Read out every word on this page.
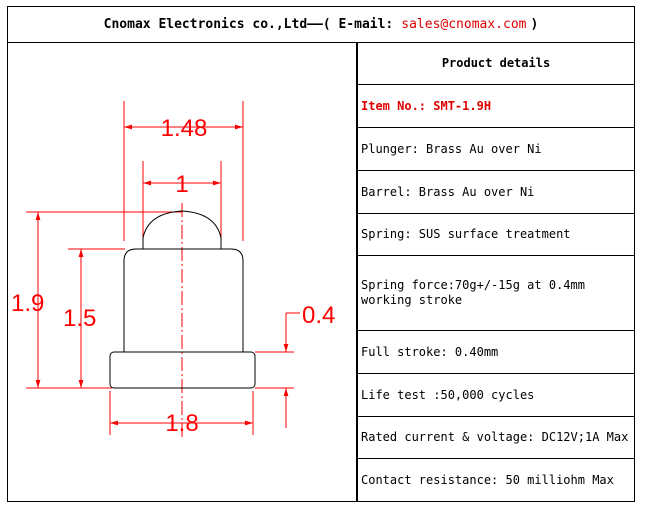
Cnomax Electronics co.,Ltd —— ( E-mail: sales@cnomax.com )
1.48
1
1.9
1.5	0.4
1.8
Product details
Item No.: SMT-1.9H
Plunger: Brass Au over Ni
Barrel: Brass Au over Ni
Spring: SUS surface treatment
Spring force:70g+/-15g at 0.4mm working stroke
Full stroke: 0.40mm
Life test :50,000 cycles
Rated current & voltage: DC12V;1A Max
Contact resistance: 50 milliohm Max
